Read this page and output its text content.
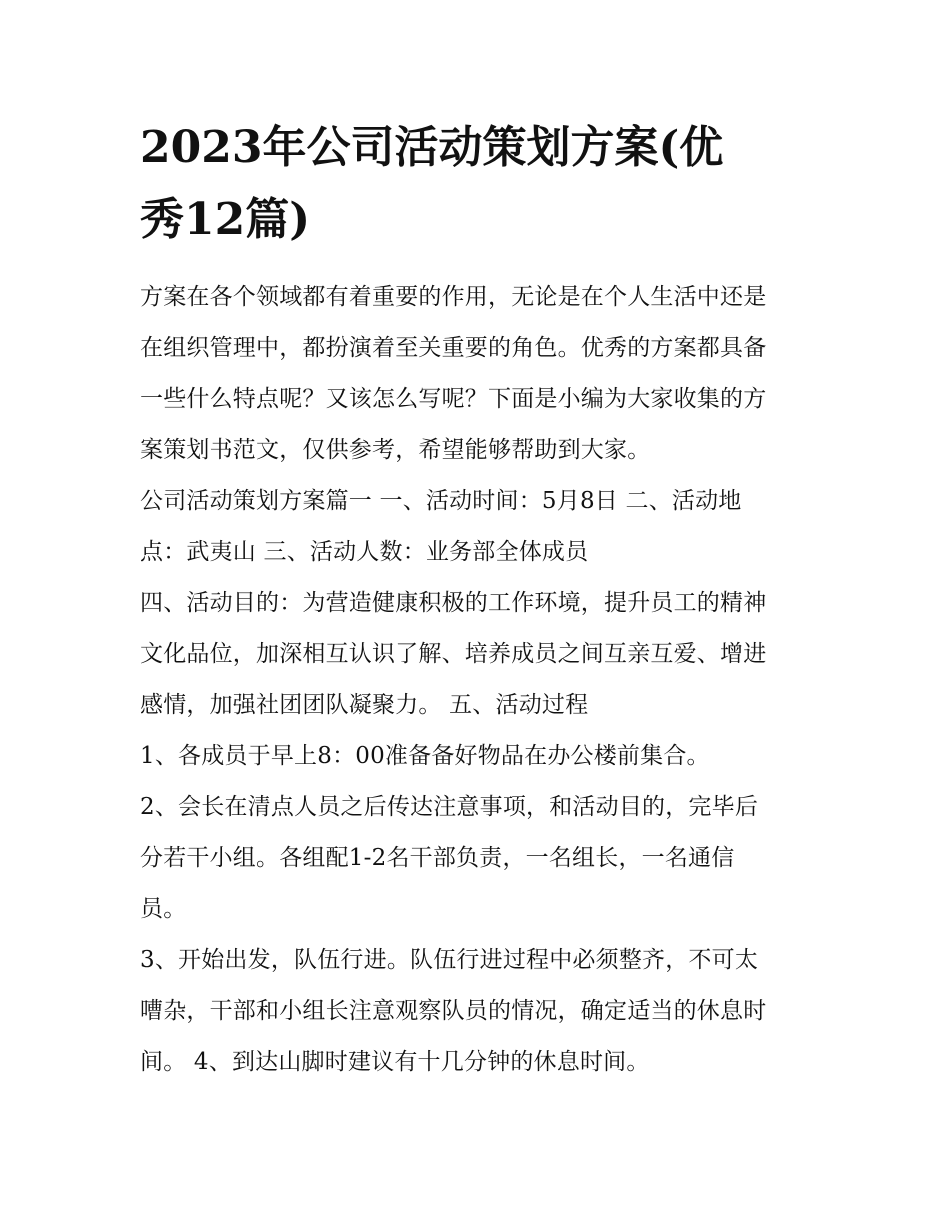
2023年公司活动策划方案(优
秀12篇)
方案在各个领域都有着重要的作用，无论是在个人生活中还是
在组织管理中，都扮演着至关重要的角色。优秀的方案都具备
一些什么特点呢？又该怎么写呢？下面是小编为大家收集的方
案策划书范文，仅供参考，希望能够帮助到大家。
公司活动策划方案篇一 一、活动时间：5月8日 二、活动地
点：武夷山 三、活动人数：业务部全体成员
四、活动目的：为营造健康积极的工作环境，提升员工的精神
文化品位，加深相互认识了解、培养成员之间互亲互爱、增进
感情，加强社团团队凝聚力。 五、活动过程
1、各成员于早上8：00准备备好物品在办公楼前集合。
2、会长在清点人员之后传达注意事项，和活动目的，完毕后
分若干小组。各组配1-2名干部负责，一名组长，一名通信
员。
3、开始出发，队伍行进。队伍行进过程中必须整齐，不可太
嘈杂，干部和小组长注意观察队员的情况，确定适当的休息时
间。 4、到达山脚时建议有十几分钟的休息时间。
